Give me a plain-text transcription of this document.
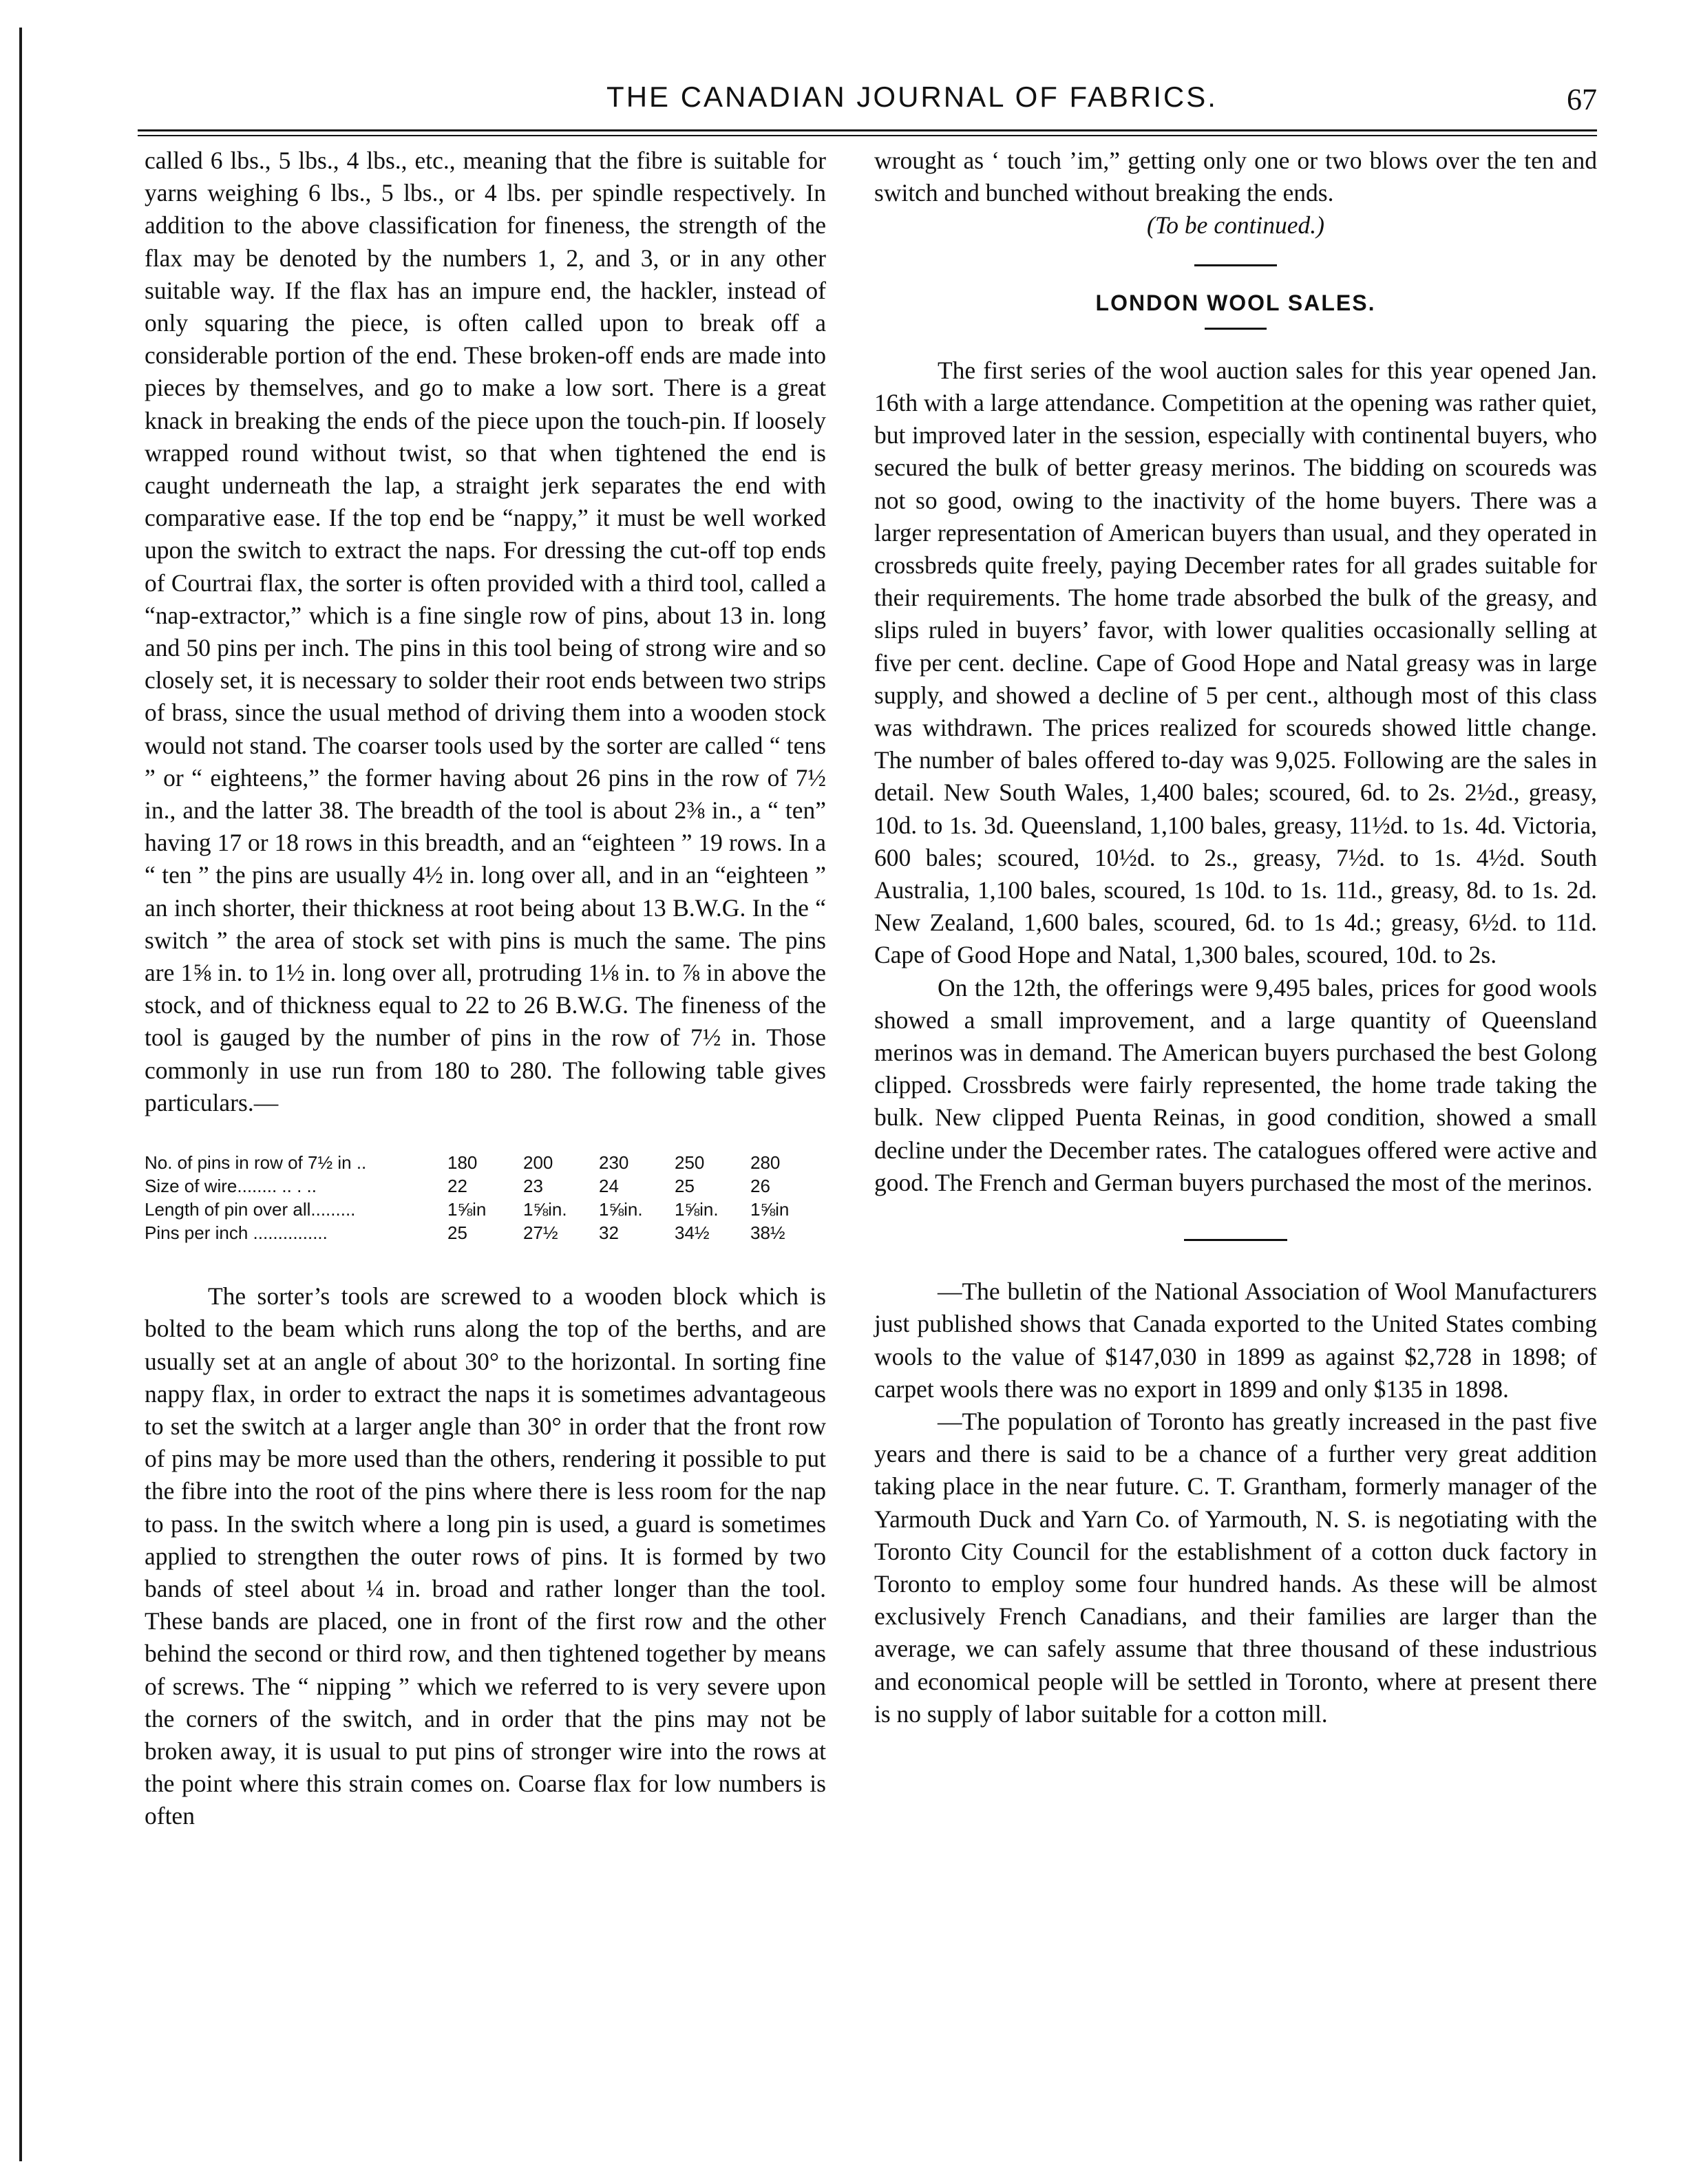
THE CANADIAN JOURNAL OF FABRICS.	67

called 6 lbs., 5 lbs., 4 lbs., etc., meaning that the fibre is suitable for yarns weighing 6 lbs., 5 lbs., or 4 lbs. per spindle respectively. In addition to the above classification for fineness, the strength of the flax may be denoted by the numbers 1, 2, and 3, or in any other suitable way. If the flax has an impure end, the hackler, instead of only squaring the piece, is often called upon to break off a considerable portion of the end. These broken-off ends are made into pieces by themselves, and go to make a low sort. There is a great knack in breaking the ends of the piece upon the touch-pin. If loosely wrapped round without twist, so that when tightened the end is caught underneath the lap, a straight jerk separates the end with comparative ease. If the top end be “nappy,” it must be well worked upon the switch to extract the naps. For dressing the cut-off top ends of Courtrai flax, the sorter is often provided with a third tool, called a “nap-extractor,” which is a fine single row of pins, about 13 in. long and 50 pins per inch. The pins in this tool being of strong wire and so closely set, it is necessary to solder their root ends between two strips of brass, since the usual method of driving them into a wooden stock would not stand. The coarser tools used by the sorter are called “ tens ” or “ eighteens,” the former having about 26 pins in the row of 7½ in., and the latter 38. The breadth of the tool is about 2⅜ in., a “ ten” having 17 or 18 rows in this breadth, and an “eighteen ” 19 rows. In a “ ten ” the pins are usually 4½ in. long over all, and in an “eighteen ” an inch shorter, their thickness at root being about 13 B.W.G. In the “ switch ” the area of stock set with pins is much the same. The pins are 1⅝ in. to 1½ in. long over all, protruding 1⅛ in. to ⅞ in above the stock, and of thickness equal to 22 to 26 B.W.G. The fineness of the tool is gauged by the number of pins in the row of 7½ in. Those commonly in use run from 180 to 280. The following table gives particulars.—

No. of pins in row of 7½ in ..	180	200	230	250	280
Size of wire........ .. . ..	22	23	24	25	26
Length of pin over all.........	1⅝in	1⅝in.	1⅝in.	1⅝in.	1⅝in
Pins per inch ...............	25	27½	32	34½	38½

The sorter’s tools are screwed to a wooden block which is bolted to the beam which runs along the top of the berths, and are usually set at an angle of about 30° to the horizontal. In sorting fine nappy flax, in order to extract the naps it is sometimes advantageous to set the switch at a larger angle than 30° in order that the front row of pins may be more used than the others, rendering it possible to put the fibre into the root of the pins where there is less room for the nap to pass. In the switch where a long pin is used, a guard is sometimes applied to strengthen the outer rows of pins. It is formed by two bands of steel about ¼ in. broad and rather longer than the tool. These bands are placed, one in front of the first row and the other behind the second or third row, and then tightened together by means of screws. The “ nipping ” which we referred to is very severe upon the corners of the switch, and in order that the pins may not be broken away, it is usual to put pins of stronger wire into the rows at the point where this strain comes on. Coarse flax for low numbers is often

wrought as ‘ touch ’im,” getting only one or two blows over the ten and switch and bunched without breaking the ends.

(To be continued.)

LONDON WOOL SALES.

The first series of the wool auction sales for this year opened Jan. 16th with a large attendance. Competition at the opening was rather quiet, but improved later in the session, especially with continental buyers, who secured the bulk of better greasy merinos. The bidding on scoureds was not so good, owing to the inactivity of the home buyers. There was a larger representation of American buyers than usual, and they operated in crossbreds quite freely, paying December rates for all grades suitable for their requirements. The home trade absorbed the bulk of the greasy, and slips ruled in buyers’ favor, with lower qualities occasionally selling at five per cent. decline. Cape of Good Hope and Natal greasy was in large supply, and showed a decline of 5 per cent., although most of this class was withdrawn. The prices realized for scoureds showed little change. The number of bales offered to-day was 9,025. Following are the sales in detail. New South Wales, 1,400 bales; scoured, 6d. to 2s. 2½d., greasy, 10d. to 1s. 3d. Queensland, 1,100 bales, greasy, 11½d. to 1s. 4d. Victoria, 600 bales; scoured, 10½d. to 2s., greasy, 7½d. to 1s. 4½d. South Australia, 1,100 bales, scoured, 1s 10d. to 1s. 11d., greasy, 8d. to 1s. 2d. New Zealand, 1,600 bales, scoured, 6d. to 1s 4d.; greasy, 6½d. to 11d. Cape of Good Hope and Natal, 1,300 bales, scoured, 10d. to 2s.

On the 12th, the offerings were 9,495 bales, prices for good wools showed a small improvement, and a large quantity of Queensland merinos was in demand. The American buyers purchased the best Golong clipped. Crossbreds were fairly represented, the home trade taking the bulk. New clipped Puenta Reinas, in good condition, showed a small decline under the December rates. The catalogues offered were active and good. The French and German buyers purchased the most of the merinos.

—The bulletin of the National Association of Wool Manufacturers just published shows that Canada exported to the United States combing wools to the value of $147,030 in 1899 as against $2,728 in 1898; of carpet wools there was no export in 1899 and only $135 in 1898.

—The population of Toronto has greatly increased in the past five years and there is said to be a chance of a further very great addition taking place in the near future. C. T. Grantham, formerly manager of the Yarmouth Duck and Yarn Co. of Yarmouth, N. S. is negotiating with the Toronto City Council for the establishment of a cotton duck factory in Toronto to employ some four hundred hands. As these will be almost exclusively French Canadians, and their families are larger than the average, we can safely assume that three thousand of these industrious and economical people will be settled in Toronto, where at present there is no supply of labor suitable for a cotton mill.
